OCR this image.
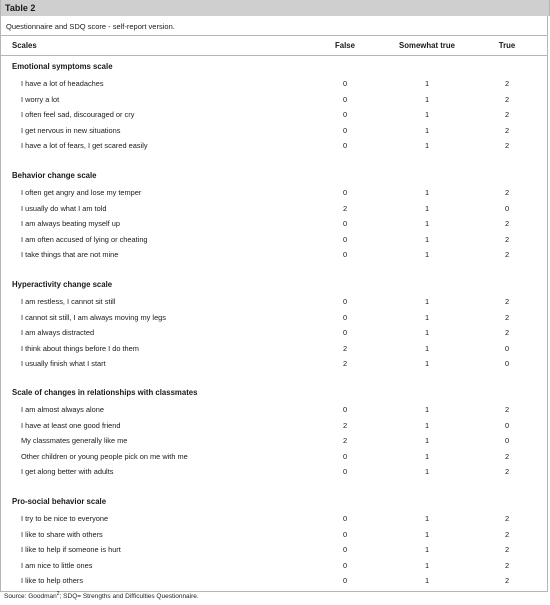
Table 2
Questionnaire and SDQ score - self-report version.
Scales	False	Somewhat true	True
Emotional symptoms scale
I have a lot of headaches	0	1	2
I worry a lot	0	1	2
I often feel sad, discouraged or cry	0	1	2
I get nervous in new situations	0	1	2
I have a lot of fears, I get scared easily	0	1	2
Behavior change scale
I often get angry and lose my temper	0	1	2
I usually do what I am told	2	1	0
I am always beating myself up	0	1	2
I am often accused of lying or cheating	0	1	2
I take things that are not mine	0	1	2
Hyperactivity change scale
I am restless, I cannot sit still	0	1	2
I cannot sit still, I am always moving my legs	0	1	2
I am always distracted	0	1	2
I think about things before I do them	2	1	0
I usually finish what I start	2	1	0
Scale of changes in relationships with classmates
I am almost always alone	0	1	2
I have at least one good friend	2	1	0
My classmates generally like me	2	1	0
Other children or young people pick on me with me	0	1	2
I get along better with adults	0	1	2
Pro-social behavior scale
I try to be nice to everyone	0	1	2
I like to share with others	0	1	2
I like to help if someone is hurt	0	1	2
I am nice to little ones	0	1	2
I like to help others	0	1	2
Source: Goodman$^2$; SDQ= Strengths and Difficulties Questionnaire.
